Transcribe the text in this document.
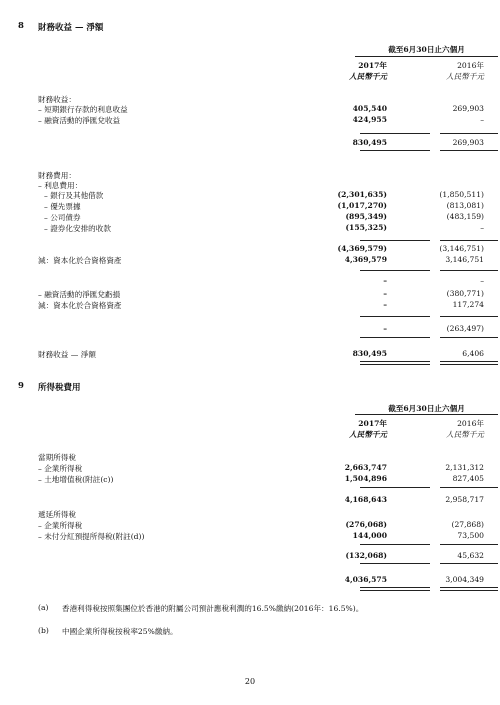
8 財務收益 — 淨額
截至6月30日止六個月
2017年	2016年
人民幣千元	人民幣千元
財務收益：
– 短期銀行存款的利息收益	405,540	269,903
– 融資活動的淨匯兌收益	424,955	–
830,495	269,903
財務費用：
– 利息費用：
– 銀行及其他借款	(2,301,635)	(1,850,511)
– 優先票據	(1,017,270)	(813,081)
– 公司債券	(895,349)	(483,159)
– 證券化安排的收款	(155,325)	–
(4,369,579)	(3,146,751)
減：資本化於合資格資產	4,369,579	3,146,751
–	–
– 融資活動的淨匯兌虧損	–	(380,771)
減：資本化於合資格資產	–	117,274
–	(263,497)
財務收益 — 淨額	830,495	6,406
9 所得稅費用
截至6月30日止六個月
2017年	2016年
人民幣千元	人民幣千元
當期所得稅
– 企業所得稅	2,663,747	2,131,312
– 土地增值稅(附註(c))	1,504,896	827,405
4,168,643	2,958,717
遞延所得稅
– 企業所得稅	(276,068)	(27,868)
– 未付分紅預提所得稅(附註(d))	144,000	73,500
(132,068)	45,632
4,036,575	3,004,349
(a) 香港利得稅按照集團位於香港的附屬公司預計應稅利潤的16.5%繳納(2016年：16.5%)。
(b) 中國企業所得稅按稅率25%繳納。
20
